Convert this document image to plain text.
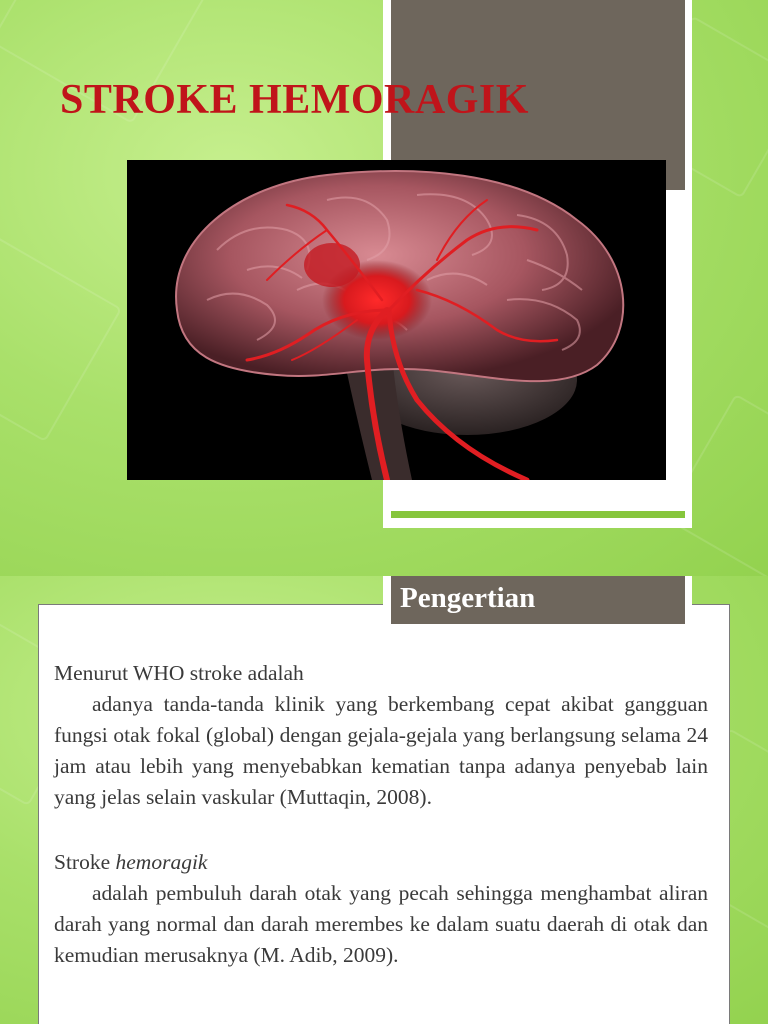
STROKE HEMORAGIK
Pengertian

Menurut WHO stroke adalah

adanya tanda-tanda klinik yang berkembang cepat akibat gangguan fungsi otak fokal (global) dengan gejala-gejala yang berlangsung selama 24 jam atau lebih yang menyebabkan kematian tanpa adanya penyebab lain yang jelas selain vaskular (Muttaqin, 2008).

Stroke hemoragik

adalah pembuluh darah otak yang pecah sehingga menghambat aliran darah yang normal dan darah merembes ke dalam suatu daerah di otak dan kemudian merusaknya (M. Adib, 2009).
